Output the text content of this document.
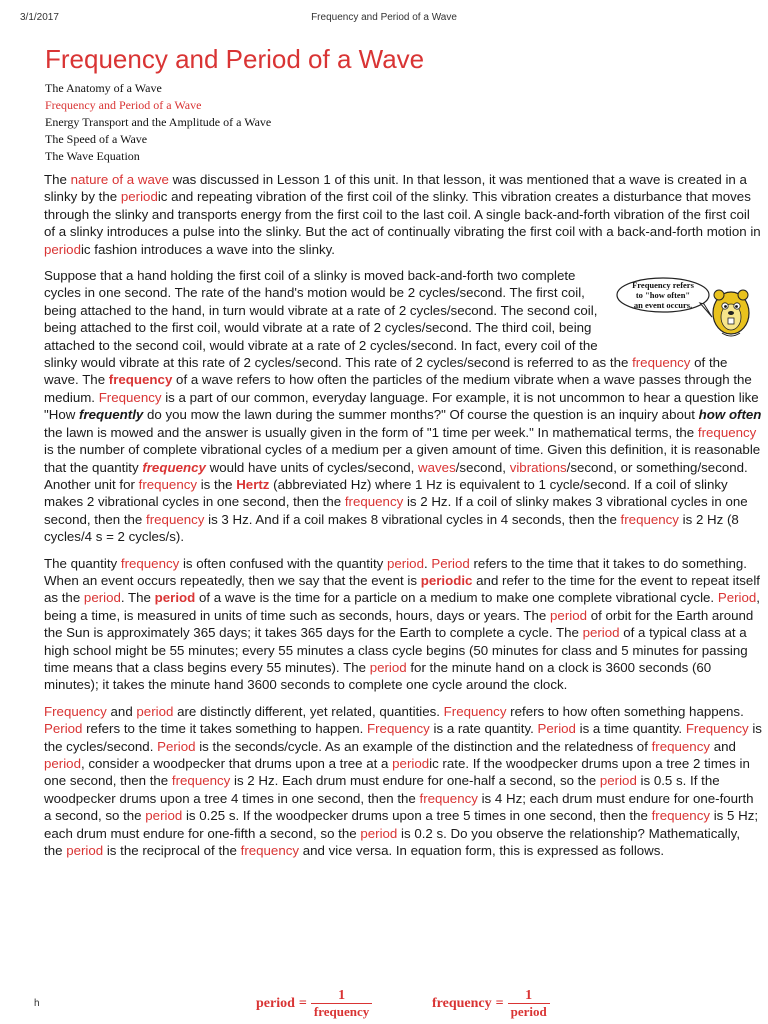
3/1/2017	Frequency and Period of a Wave
Frequency and Period of a Wave
The Anatomy of a Wave
Frequency and Period of a Wave
Energy Transport and the Amplitude of a Wave
The Speed of a Wave
The Wave Equation

The nature of a wave was discussed in Lesson 1 of this unit. In that lesson, it was mentioned that a wave is created in a slinky by the periodic and repeating vibration of the first coil of the slinky. This vibration creates a disturbance that moves through the slinky and transports energy from the first coil to the last coil. A single back-and-forth vibration of the first coil of a slinky introduces a pulse into the slinky. But the act of continually vibrating the first coil with a back-and-forth motion in periodic fashion introduces a wave into the slinky.

Frequency refers
to "how often"
an event occurs.
Suppose that a hand holding the first coil of a slinky is moved back-and-forth two complete cycles in one second. The rate of the hand's motion would be 2 cycles/second. The first coil, being attached to the hand, in turn would vibrate at a rate of 2 cycles/second. The second coil, being attached to the first coil, would vibrate at a rate of 2 cycles/second. The third coil, being attached to the second coil, would vibrate at a rate of 2 cycles/second. In fact, every coil of the slinky would vibrate at this rate of 2 cycles/second. This rate of 2 cycles/second is referred to as the frequency of the wave. The frequency of a wave refers to how often the particles of the medium vibrate when a wave passes through the medium. Frequency is a part of our common, everyday language. For example, it is not uncommon to hear a question like "How frequently do you mow the lawn during the summer months?" Of course the question is an inquiry about how often the lawn is mowed and the answer is usually given in the form of "1 time per week." In mathematical terms, the frequency is the number of complete vibrational cycles of a medium per a given amount of time. Given this definition, it is reasonable that the quantity frequency would have units of cycles/second, waves/second, vibrations/second, or something/second. Another unit for frequency is the Hertz (abbreviated Hz) where 1 Hz is equivalent to 1 cycle/second. If a coil of slinky makes 2 vibrational cycles in one second, then the frequency is 2 Hz. If a coil of slinky makes 3 vibrational cycles in one second, then the frequency is 3 Hz. And if a coil makes 8 vibrational cycles in 4 seconds, then the frequency is 2 Hz (8 cycles/4 s = 2 cycles/s).

The quantity frequency is often confused with the quantity period. Period refers to the time that it takes to do something. When an event occurs repeatedly, then we say that the event is periodic and refer to the time for the event to repeat itself as the period. The period of a wave is the time for a particle on a medium to make one complete vibrational cycle. Period, being a time, is measured in units of time such as seconds, hours, days or years. The period of orbit for the Earth around the Sun is approximately 365 days; it takes 365 days for the Earth to complete a cycle. The period of a typical class at a high school might be 55 minutes; every 55 minutes a class cycle begins (50 minutes for class and 5 minutes for passing time means that a class begins every 55 minutes). The period for the minute hand on a clock is 3600 seconds (60 minutes); it takes the minute hand 3600 seconds to complete one cycle around the clock.

Frequency and period are distinctly different, yet related, quantities. Frequency refers to how often something happens. Period refers to the time it takes something to happen. Frequency is a rate quantity. Period is a time quantity. Frequency is the cycles/second. Period is the seconds/cycle. As an example of the distinction and the relatedness of frequency and period, consider a woodpecker that drums upon a tree at a periodic rate. If the woodpecker drums upon a tree 2 times in one second, then the frequency is 2 Hz. Each drum must endure for one-half a second, so the period is 0.5 s. If the woodpecker drums upon a tree 4 times in one second, then the frequency is 4 Hz; each drum must endure for one-fourth a second, so the period is 0.25 s. If the woodpecker drums upon a tree 5 times in one second, then the frequency is 5 Hz; each drum must endure for one-fifth a second, so the period is 0.2 s. Do you observe the relationship? Mathematically, the period is the reciprocal of the frequency and vice versa. In equation form, this is expressed as follows.

h	period = $\frac{1}{\text{frequency}}$	frequency = $\frac{1}{\text{period}}$
